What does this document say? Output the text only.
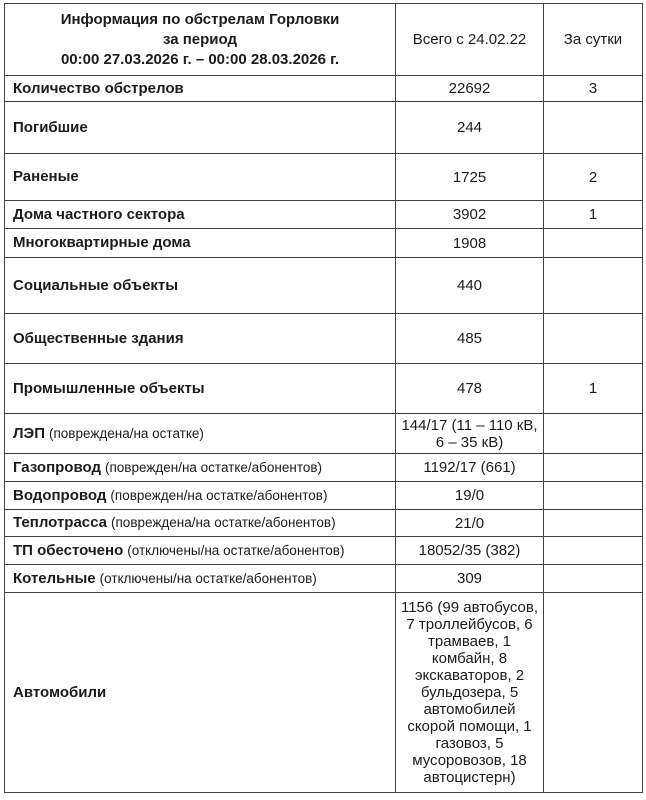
Информация по обстрелам Горловки
за период
00:00 27.03.2026 г. – 00:00 28.03.2026 г.	Всего с 24.02.22	За сутки
Количество обстрелов	22692	3
Погибшие	244	
Раненые	1725	2
Дома частного сектора	3902	1
Многоквартирные дома	1908	
Социальные объекты	440	
Общественные здания	485	
Промышленные объекты	478	1
ЛЭП (повреждена/на остатке)	144/17 (11 – 110 кВ, 6 – 35 кВ)	
Газопровод (поврежден/на остатке/абонентов)	1192/17 (661)	
Водопровод (поврежден/на остатке/абонентов)	19/0	
Теплотрасса (повреждена/на остатке/абонентов)	21/0	
ТП обесточено (отключены/на остатке/абонентов)	18052/35 (382)	
Котельные (отключены/на остатке/абонентов)	309	
Автомобили	1156 (99 автобусов, 7 троллейбусов, 6 трамваев, 1 комбайн, 8 экскаваторов, 2 бульдозера, 5 автомобилей скорой помощи, 1 газовоз, 5 мусоровозов, 18 автоцистерн)	
